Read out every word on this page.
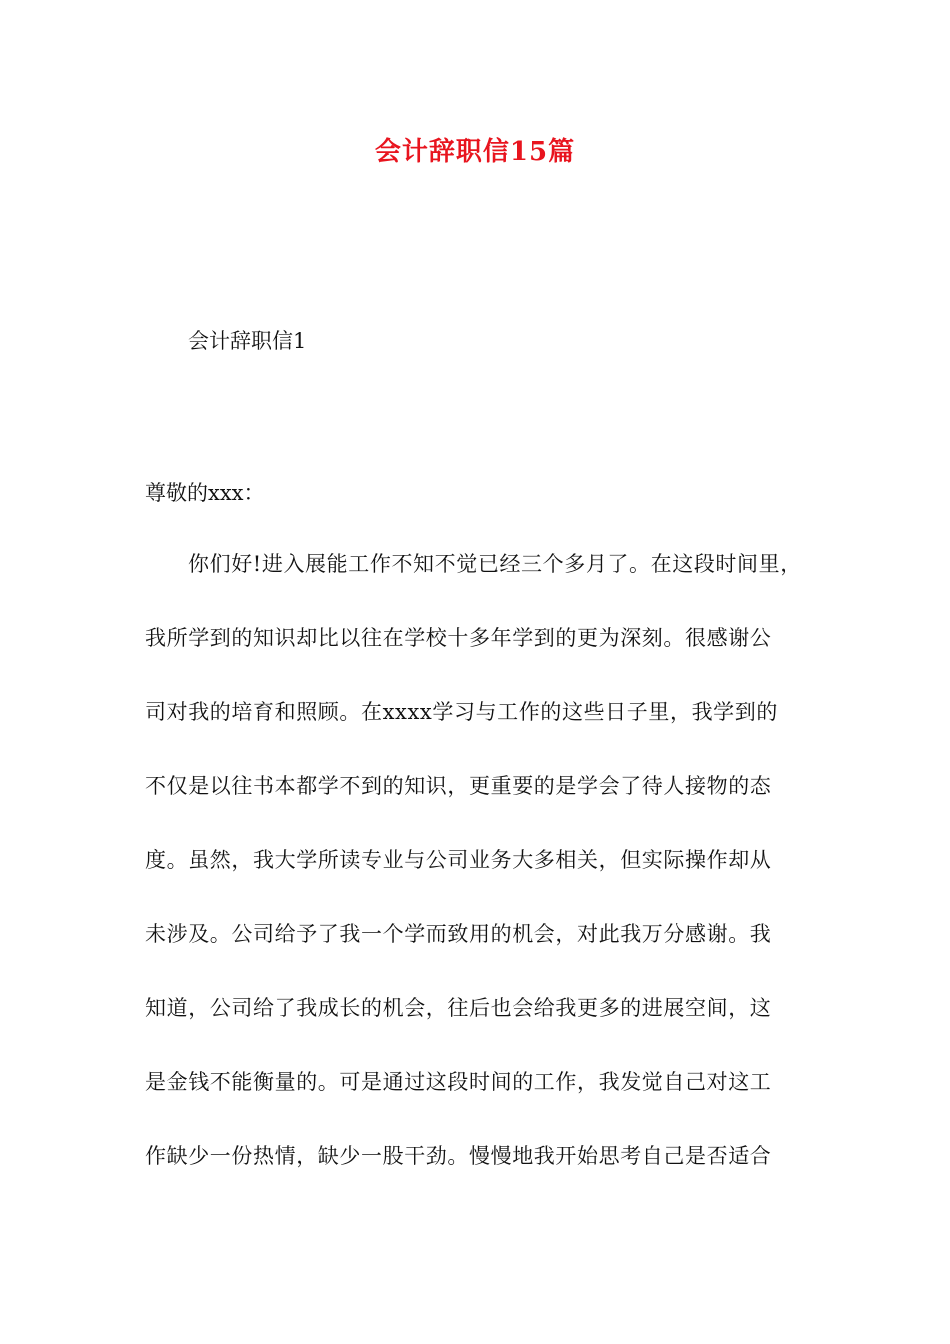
会计辞职信15篇
会计辞职信1
尊敬的xxx：
你们好!进入展能工作不知不觉已经三个多月了。在这段时间里，
我所学到的知识却比以往在学校十多年学到的更为深刻。很感谢公
司对我的培育和照顾。在xxxx学习与工作的这些日子里，我学到的
不仅是以往书本都学不到的知识，更重要的是学会了待人接物的态
度。虽然，我大学所读专业与公司业务大多相关，但实际操作却从
未涉及。公司给予了我一个学而致用的机会，对此我万分感谢。我
知道，公司给了我成长的机会，往后也会给我更多的进展空间，这
是金钱不能衡量的。可是通过这段时间的工作，我发觉自己对这工
作缺少一份热情，缺少一股干劲。慢慢地我开始思考自己是否适合
